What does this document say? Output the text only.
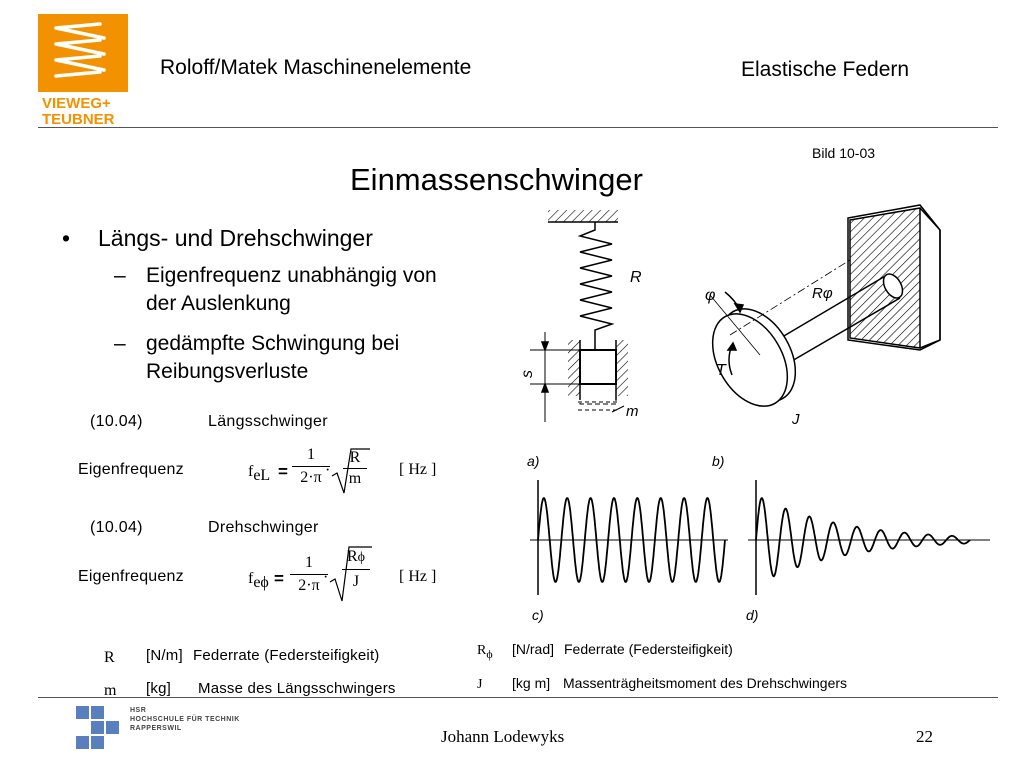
VIEWEG+
TEUBNER
Roloff/Matek Maschinenelemente	Elastische Federn
Bild 10-03
Einmassenschwinger
• Längs- und Drehschwinger
– Eigenfrequenz unabhängig von der Auslenkung
– gedämpfte Schwingung bei Reibungsverluste
(10.04)	Längsschwinger
Eigenfrequenz	$f_{eL}$ =
1
2·π ·
R
m
[ Hz ]
(10.04)	Drehschwinger
Eigenfrequenz	$f_{e\phi}$ =
1
2·π ·
Rϕ
J	[ Hz ]
R [N/m] Federrate (Federsteifigkeit)
m [kg] Masse des Längsschwingers
$R_\phi$ [N/rad] Federrate (Federsteifigkeit)
J [kg m] Massenträgheitsmoment des Drehschwingers
R
s
m
φ	Rφ
T
J
a)	b)
c)	d)
HSR
HOCHSCHULE FÜR TECHNIK
RAPPERSWIL	Johann Lodewyks	22
